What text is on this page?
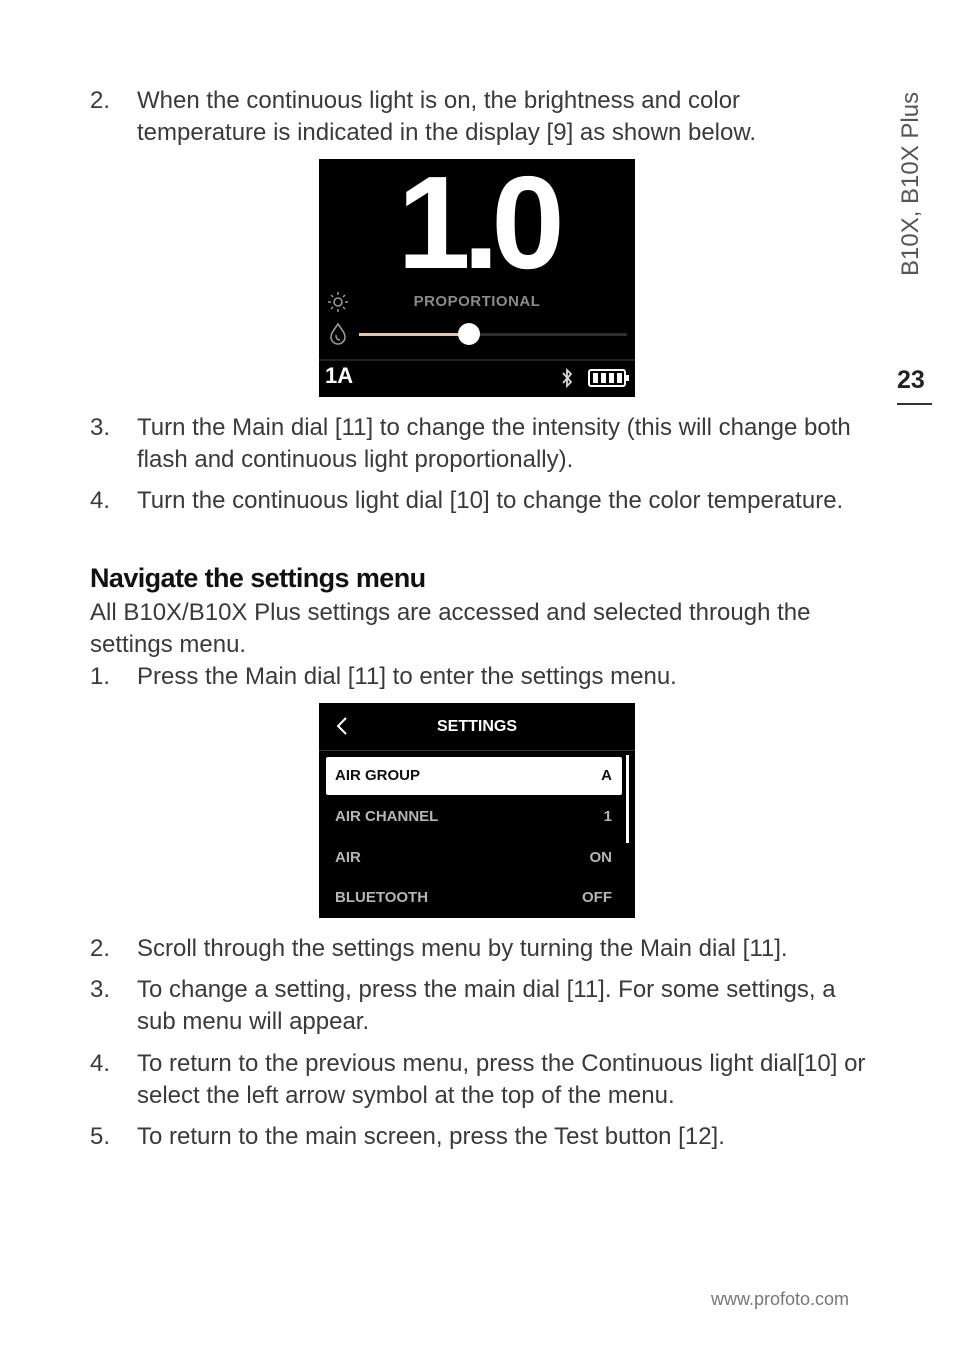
B10X, B10X Plus
23
2. When the continuous light is on, the brightness and color temperature is indicated in the display [9] as shown below.
1.0
PROPORTIONAL
1A
3. Turn the Main dial [11] to change the intensity (this will change both flash and continuous light proportionally).
4. Turn the continuous light dial [10] to change the color temperature.
Navigate the settings menu
All B10X/B10X Plus settings are accessed and selected through the settings menu.
1. Press the Main dial [11] to enter the settings menu.
SETTINGS
AIR GROUP	A
AIR CHANNEL	1
AIR	ON
BLUETOOTH	OFF
2. Scroll through the settings menu by turning the Main dial [11].
3. To change a setting, press the main dial [11]. For some settings, a sub menu will appear.
4. To return to the previous menu, press the Continuous light dial[10] or select the left arrow symbol at the top of the menu.
5. To return to the main screen, press the Test button [12].
www.profoto.com
